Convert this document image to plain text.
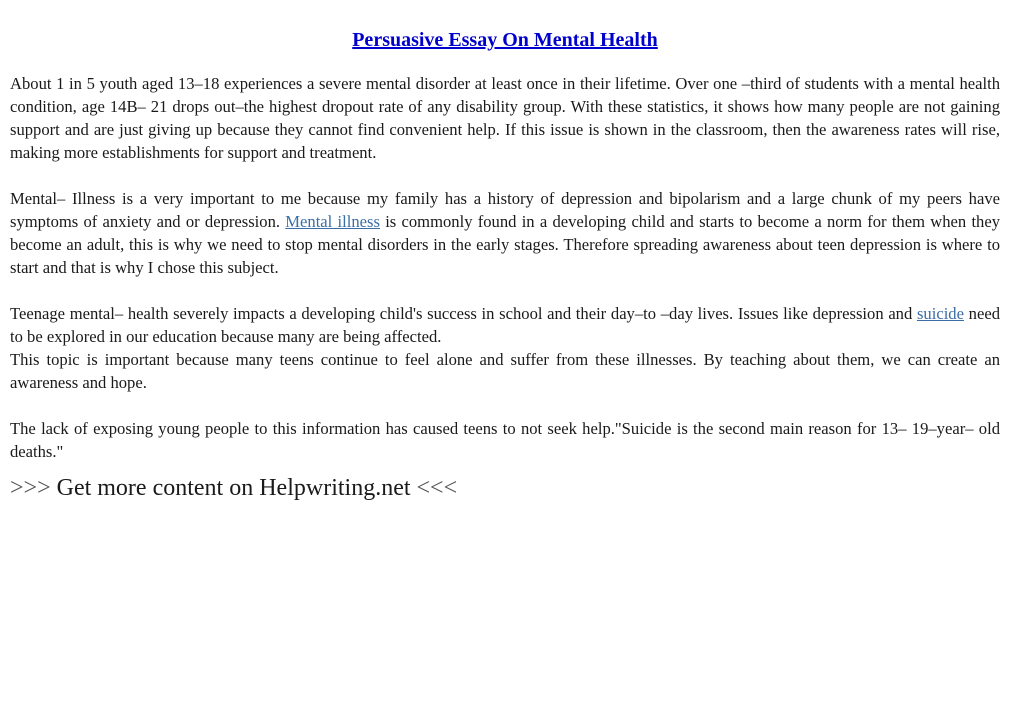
Persuasive Essay On Mental Health

About 1 in 5 youth aged 13–18 experiences a severe mental disorder at least once in their lifetime. Over one –third of students with a mental health condition, age 14B– 21 drops out–the highest dropout rate of any disability group. With these statistics, it shows how many people are not gaining support and are just giving up because they cannot find convenient help. If this issue is shown in the classroom, then the awareness rates will rise, making more establishments for support and treatment.

Mental– Illness is a very important to me because my family has a history of depression and bipolarism and a large chunk of my peers have symptoms of anxiety and or depression. Mental illness is commonly found in a developing child and starts to become a norm for them when they become an adult, this is why we need to stop mental disorders in the early stages. Therefore spreading awareness about teen depression is where to start and that is why I chose this subject.

Teenage mental– health severely impacts a developing child's success in school and their day–to –day lives. Issues like depression and suicide need to be explored in our education because many are being affected.

This topic is important because many teens continue to feel alone and suffer from these illnesses. By teaching about them, we can create an awareness and hope.

The lack of exposing young people to this information has caused teens to not seek help."Suicide is the second main reason for 13– 19–year– old deaths."

>>> Get more content on Helpwriting.net <<<
